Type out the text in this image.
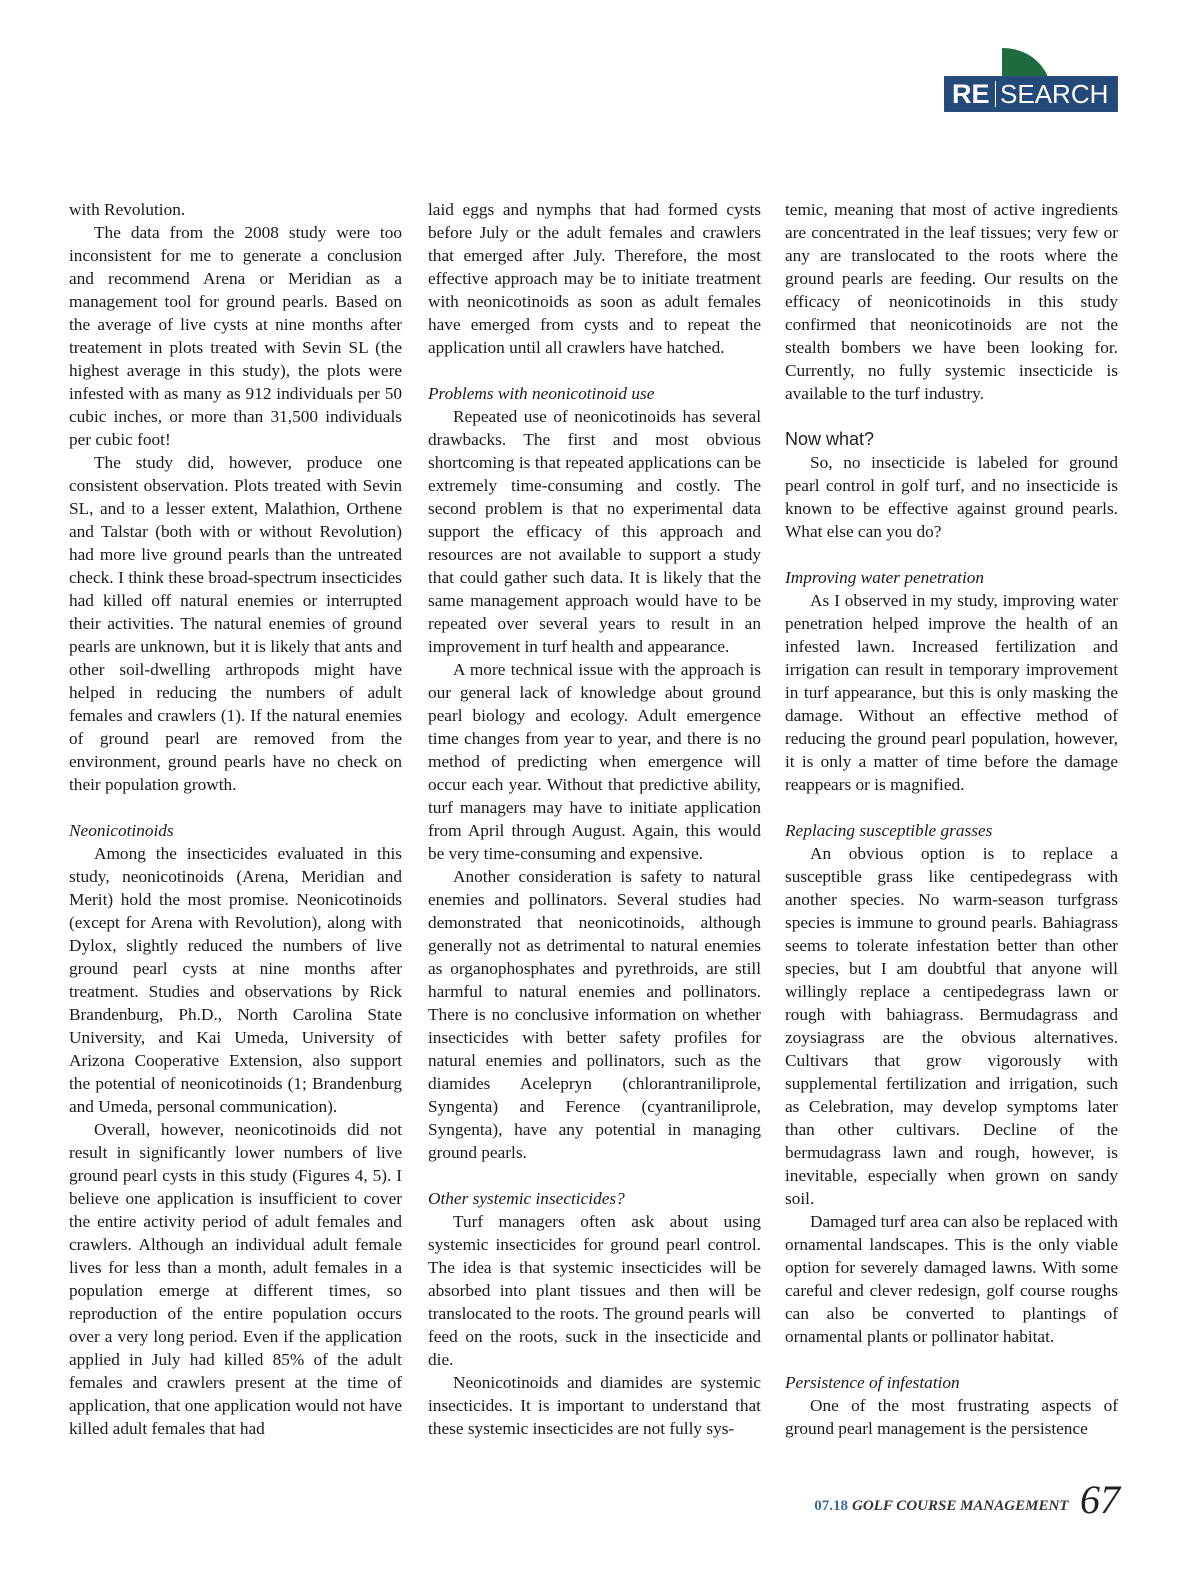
RE SEARCH

with Revolution.

The data from the 2008 study were too inconsistent for me to generate a conclusion and recommend Arena or Meridian as a management tool for ground pearls. Based on the average of live cysts at nine months after treatement in plots treated with Sevin SL (the highest average in this study), the plots were infested with as many as 912 individuals per 50 cubic inches, or more than 31,500 individuals per cubic foot!

The study did, however, produce one consistent observation. Plots treated with Sevin SL, and to a lesser extent, Malathion, Orthene and Talstar (both with or without Revolution) had more live ground pearls than the untreated check. I think these broad-spectrum insecticides had killed off natural enemies or interrupted their activities. The natural enemies of ground pearls are unknown, but it is likely that ants and other soil-dwelling arthropods might have helped in reducing the numbers of adult females and crawlers (1). If the natural enemies of ground pearl are removed from the environment, ground pearls have no check on their population growth.

Neonicotinoids

Among the insecticides evaluated in this study, neonicotinoids (Arena, Meridian and Merit) hold the most promise. Neonicotinoids (except for Arena with Revolution), along with Dylox, slightly reduced the numbers of live ground pearl cysts at nine months after treatment. Studies and observations by Rick Brandenburg, Ph.D., North Carolina State University, and Kai Umeda, University of Arizona Cooperative Extension, also support the potential of neonicotinoids (1; Brandenburg and Umeda, personal communication).

Overall, however, neonicotinoids did not result in significantly lower numbers of live ground pearl cysts in this study (Figures 4, 5). I believe one application is insufficient to cover the entire activity period of adult females and crawlers. Although an individual adult female lives for less than a month, adult females in a population emerge at different times, so reproduction of the entire population occurs over a very long period. Even if the application applied in July had killed 85% of the adult females and crawlers present at the time of application, that one application would not have killed adult females that had

laid eggs and nymphs that had formed cysts before July or the adult females and crawlers that emerged after July. Therefore, the most effective approach may be to initiate treatment with neonicotinoids as soon as adult females have emerged from cysts and to repeat the application until all crawlers have hatched.

Problems with neonicotinoid use

Repeated use of neonicotinoids has several drawbacks. The first and most obvious shortcoming is that repeated applications can be extremely time-consuming and costly. The second problem is that no experimental data support the efficacy of this approach and resources are not available to support a study that could gather such data. It is likely that the same management approach would have to be repeated over several years to result in an improvement in turf health and appearance.

A more technical issue with the approach is our general lack of knowledge about ground pearl biology and ecology. Adult emergence time changes from year to year, and there is no method of predicting when emergence will occur each year. Without that predictive ability, turf managers may have to initiate application from April through August. Again, this would be very time-consuming and expensive.

Another consideration is safety to natural enemies and pollinators. Several studies had demonstrated that neonicotinoids, although generally not as detrimental to natural enemies as organophosphates and pyrethroids, are still harmful to natural enemies and pollinators. There is no conclusive information on whether insecticides with better safety profiles for natural enemies and pollinators, such as the diamides Acelepryn (chlorantraniliprole, Syngenta) and Ference (cyantraniliprole, Syngenta), have any potential in managing ground pearls.

Other systemic insecticides?

Turf managers often ask about using systemic insecticides for ground pearl control. The idea is that systemic insecticides will be absorbed into plant tissues and then will be translocated to the roots. The ground pearls will feed on the roots, suck in the insecticide and die.

Neonicotinoids and diamides are systemic insecticides. It is important to understand that these systemic insecticides are not fully sys-

temic, meaning that most of active ingredients are concentrated in the leaf tissues; very few or any are translocated to the roots where the ground pearls are feeding. Our results on the efficacy of neonicotinoids in this study confirmed that neonicotinoids are not the stealth bombers we have been looking for. Currently, no fully systemic insecticide is available to the turf industry.

Now what?

So, no insecticide is labeled for ground pearl control in golf turf, and no insecticide is known to be effective against ground pearls. What else can you do?

Improving water penetration

As I observed in my study, improving water penetration helped improve the health of an infested lawn. Increased fertilization and irrigation can result in temporary improvement in turf appearance, but this is only masking the damage. Without an effective method of reducing the ground pearl population, however, it is only a matter of time before the damage reappears or is magnified.

Replacing susceptible grasses

An obvious option is to replace a susceptible grass like centipedegrass with another species. No warm-season turfgrass species is immune to ground pearls. Bahiagrass seems to tolerate infestation better than other species, but I am doubtful that anyone will willingly replace a centipedegrass lawn or rough with bahiagrass. Bermudagrass and zoysiagrass are the obvious alternatives. Cultivars that grow vigorously with supplemental fertilization and irrigation, such as Celebration, may develop symptoms later than other cultivars. Decline of the bermudagrass lawn and rough, however, is inevitable, especially when grown on sandy soil.

Damaged turf area can also be replaced with ornamental landscapes. This is the only viable option for severely damaged lawns. With some careful and clever redesign, golf course roughs can also be converted to plantings of ornamental plants or pollinator habitat.

Persistence of infestation

One of the most frustrating aspects of ground pearl management is the persistence

07.18 GOLF COURSE MANAGEMENT 67
